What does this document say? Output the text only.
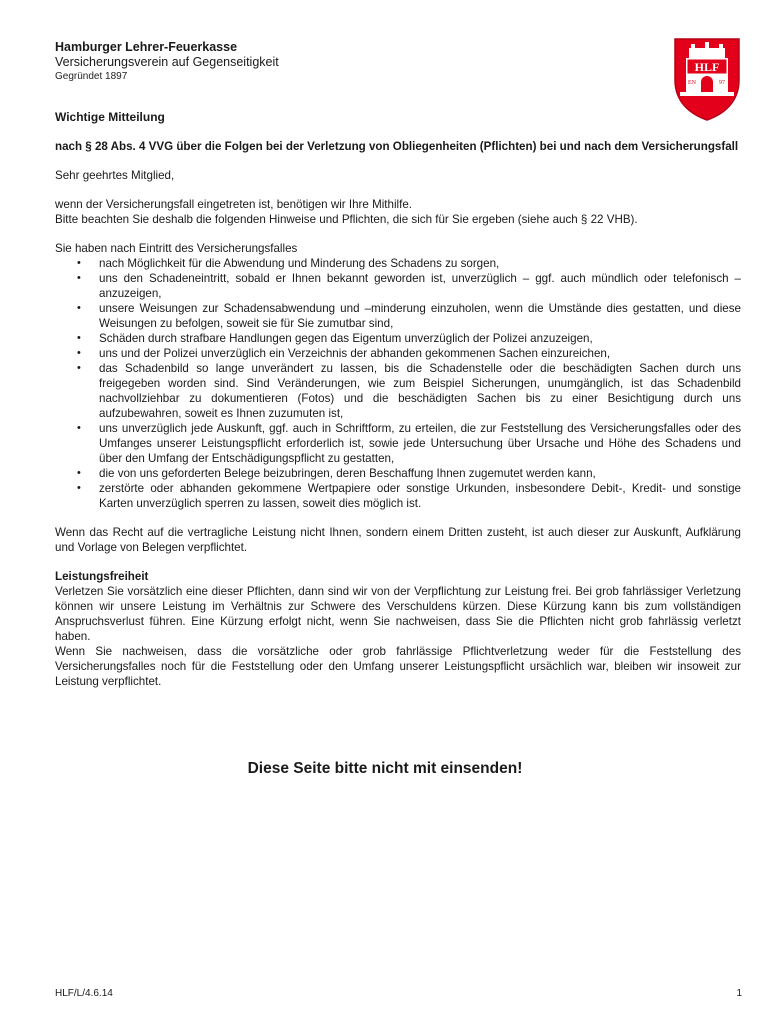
Hamburger Lehrer-Feuerkasse
Versicherungsverein auf Gegenseitigkeit
Gegründet 1897
HLF
EN	97

Wichtige Mitteilung

nach § 28 Abs. 4 VVG über die Folgen bei der Verletzung von Obliegenheiten (Pflichten) bei und nach dem Versicherungsfall

Sehr geehrtes Mitglied,

wenn der Versicherungsfall eingetreten ist, benötigen wir Ihre Mithilfe.

Bitte beachten Sie deshalb die folgenden Hinweise und Pflichten, die sich für Sie ergeben (siehe auch § 22 VHB).

Sie haben nach Eintritt des Versicherungsfalles

• nach Möglichkeit für die Abwendung und Minderung des Schadens zu sorgen,
• uns den Schadeneintritt, sobald er Ihnen bekannt geworden ist, unverzüglich – ggf. auch mündlich oder telefonisch – anzuzeigen,
• unsere Weisungen zur Schadensabwendung und –minderung einzuholen, wenn die Umstände dies gestatten, und diese Weisungen zu befolgen, soweit sie für Sie zumutbar sind,
• Schäden durch strafbare Handlungen gegen das Eigentum unverzüglich der Polizei anzuzeigen,
• uns und der Polizei unverzüglich ein Verzeichnis der abhanden gekommenen Sachen einzureichen,
• das Schadenbild so lange unverändert zu lassen, bis die Schadenstelle oder die beschädigten Sachen durch uns freigegeben worden sind. Sind Veränderungen, wie zum Beispiel Sicherungen, unumgänglich, ist das Schadenbild nachvollziehbar zu dokumentieren (Fotos) und die beschädigten Sachen bis zu einer Besichtigung durch uns aufzubewahren, soweit es Ihnen zuzumuten ist,
• uns unverzüglich jede Auskunft, ggf. auch in Schriftform, zu erteilen, die zur Feststellung des Versicherungsfalles oder des Umfanges unserer Leistungspflicht erforderlich ist, sowie jede Untersuchung über Ursache und Höhe des Schadens und über den Umfang der Entschädigungspflicht zu gestatten,
• die von uns geforderten Belege beizubringen, deren Beschaffung Ihnen zugemutet werden kann,
• zerstörte oder abhanden gekommene Wertpapiere oder sonstige Urkunden, insbesondere Debit-, Kredit- und sonstige Karten unverzüglich sperren zu lassen, soweit dies möglich ist.

Wenn das Recht auf die vertragliche Leistung nicht Ihnen, sondern einem Dritten zusteht, ist auch dieser zur Auskunft, Aufklärung und Vorlage von Belegen verpflichtet.

Leistungsfreiheit

Verletzen Sie vorsätzlich eine dieser Pflichten, dann sind wir von der Verpflichtung zur Leistung frei. Bei grob fahrlässiger Verletzung können wir unsere Leistung im Verhältnis zur Schwere des Verschuldens kürzen. Diese Kürzung kann bis zum vollständigen Anspruchsverlust führen. Eine Kürzung erfolgt nicht, wenn Sie nachweisen, dass Sie die Pflichten nicht grob fahrlässig verletzt haben.

Wenn Sie nachweisen, dass die vorsätzliche oder grob fahrlässige Pflichtverletzung weder für die Feststellung des Versicherungsfalles noch für die Feststellung oder den Umfang unserer Leistungspflicht ursächlich war, bleiben wir insoweit zur Leistung verpflichtet.

Diese Seite bitte nicht mit einsenden!
HLF/L/4.6.14	1
